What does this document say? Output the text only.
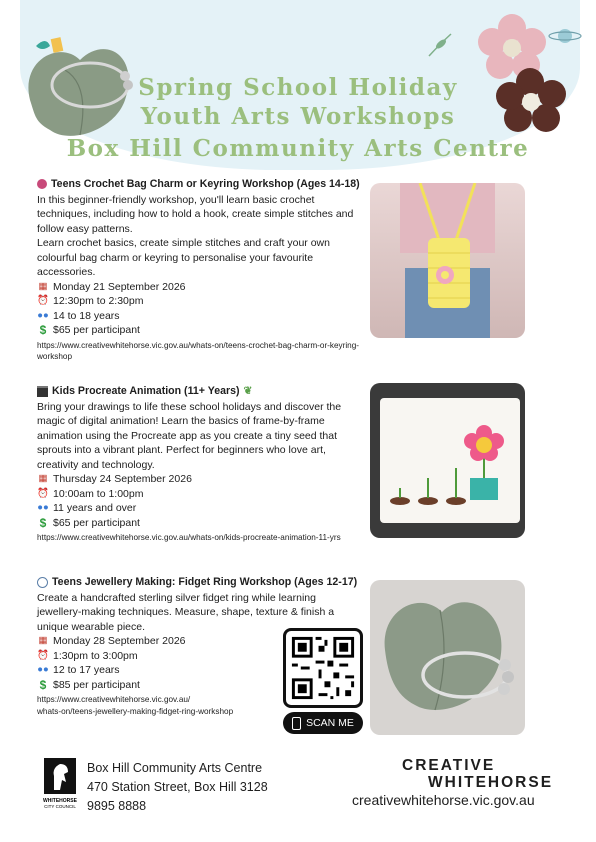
Spring School Holiday
Youth Arts Workshops
Box Hill Community Arts Centre
Teens Crochet Bag Charm or Keyring Workshop (Ages 14-18)

In this beginner-friendly workshop, you'll learn basic crochet techniques, including how to hold a hook, create simple stitches and follow easy patterns.

Learn crochet basics, create simple stitches and craft your own colourful bag charm or keyring to personalise your favourite accessories.

▦ Monday 21 September 2026
⏰ 12:30pm to 2:30pm
●● 14 to 18 years
$ $65 per participant
https://www.creativewhitehorse.vic.gov.au/whats-on/teens-crochet-bag-charm-or-keyring-workshop
Kids Procreate Animation (11+ Years) ❦

Bring your drawings to life these school holidays and discover the magic of digital animation! Learn the basics of frame-by-frame animation using the Procreate app as you create a tiny seed that sprouts into a vibrant plant. Perfect for beginners who love art, creativity and technology.

▦ Thursday 24 September 2026
⏰ 10:00am to 1:00pm
●● 11 years and over
$ $65 per participant
https://www.creativewhitehorse.vic.gov.au/whats-on/kids-procreate-animation-11-yrs
Teens Jewellery Making: Fidget Ring Workshop (Ages 12-17)

Create a handcrafted sterling silver fidget ring while learning jewellery-making techniques. Measure, shape, texture & finish a unique wearable piece.

▦ Monday 28 September 2026
⏰ 1:30pm to 3:00pm
●● 12 to 17 years
$ $85 per participant
https://www.creativewhitehorse.vic.gov.au/
whats-on/teens-jewellery-making-fidget-ring-workshop
SCAN ME
WHITEHORSE
CITY COUNCIL
Box Hill Community Arts Centre
470 Station Street, Box Hill 3128
9895 8888
CREATIVE
WHITEHORSE
creativewhitehorse.vic.gov.au
